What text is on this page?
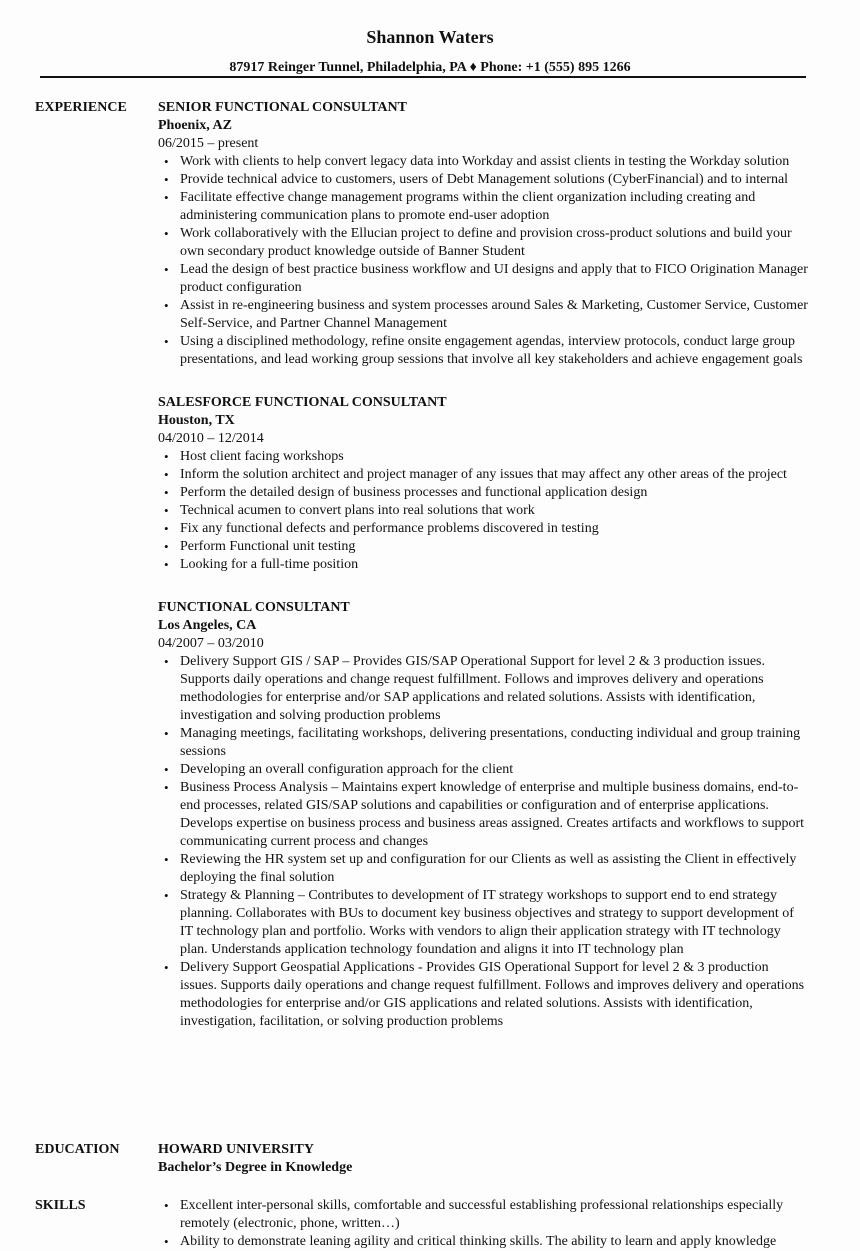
Shannon Waters
87917 Reinger Tunnel, Philadelphia, PA ♦ Phone: +1 (555) 895 1266
EXPERIENCE SENIOR FUNCTIONAL CONSULTANT
Phoenix, AZ
06/2015 – present
• Work with clients to help convert legacy data into Workday and assist clients in testing the Workday solution
• Provide technical advice to customers, users of Debt Management solutions (CyberFinancial) and to internal
• Facilitate effective change management programs within the client organization including creating and administering communication plans to promote end-user adoption
• Work collaboratively with the Ellucian project to define and provision cross-product solutions and build your own secondary product knowledge outside of Banner Student
• Lead the design of best practice business workflow and UI designs and apply that to FICO Origination Manager product configuration
• Assist in re-engineering business and system processes around Sales & Marketing, Customer Service, Customer Self-Service, and Partner Channel Management
• Using a disciplined methodology, refine onsite engagement agendas, interview protocols, conduct large group presentations, and lead working group sessions that involve all key stakeholders and achieve engagement goals
SALESFORCE FUNCTIONAL CONSULTANT
Houston, TX
04/2010 – 12/2014
• Host client facing workshops
• Inform the solution architect and project manager of any issues that may affect any other areas of the project
• Perform the detailed design of business processes and functional application design
• Technical acumen to convert plans into real solutions that work
• Fix any functional defects and performance problems discovered in testing
• Perform Functional unit testing
• Looking for a full-time position
FUNCTIONAL CONSULTANT
Los Angeles, CA
04/2007 – 03/2010
• Delivery Support GIS / SAP – Provides GIS/SAP Operational Support for level 2 & 3 production issues. Supports daily operations and change request fulfillment. Follows and improves delivery and operations methodologies for enterprise and/or SAP applications and related solutions. Assists with identification, investigation and solving production problems
• Managing meetings, facilitating workshops, delivering presentations, conducting individual and group training sessions
• Developing an overall configuration approach for the client
• Business Process Analysis – Maintains expert knowledge of enterprise and multiple business domains, end-to-end processes, related GIS/SAP solutions and capabilities or configuration and of enterprise applications. Develops expertise on business process and business areas assigned. Creates artifacts and workflows to support communicating current process and changes
• Reviewing the HR system set up and configuration for our Clients as well as assisting the Client in effectively deploying the final solution
• Strategy & Planning – Contributes to development of IT strategy workshops to support end to end strategy planning. Collaborates with BUs to document key business objectives and strategy to support development of IT technology plan and portfolio. Works with vendors to align their application strategy with IT technology plan. Understands application technology foundation and aligns it into IT technology plan
• Delivery Support Geospatial Applications - Provides GIS Operational Support for level 2 & 3 production issues. Supports daily operations and change request fulfillment. Follows and improves delivery and operations methodologies for enterprise and/or GIS applications and related solutions. Assists with identification, investigation, facilitation, or solving production problems
EDUCATION	HOWARD UNIVERSITY
Bachelor’s Degree in Knowledge
SKILLS	• Excellent inter-personal skills, comfortable and successful establishing professional relationships especially remotely (electronic, phone, written…)
• Ability to demonstrate leaning agility and critical thinking skills. The ability to learn and apply knowledge
